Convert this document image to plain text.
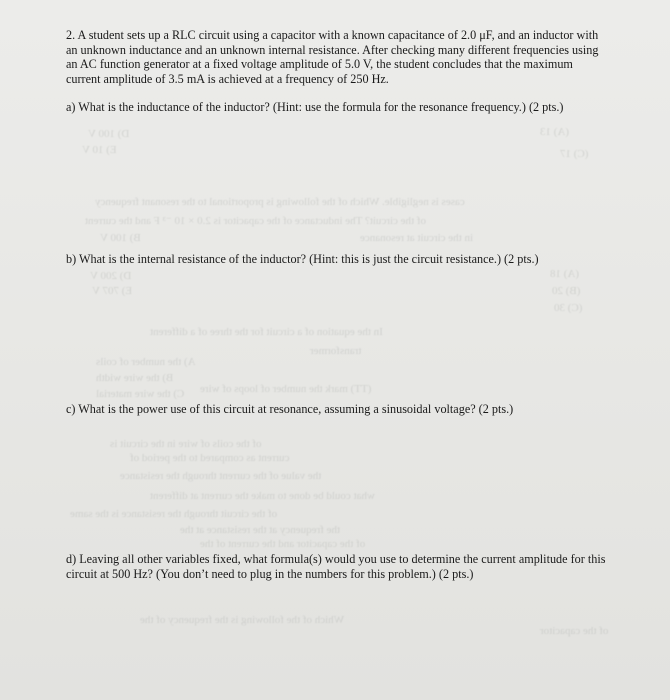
D) 100 V
E) 10 V
(A) 13
(C) 17
cases is negligible. Which of the following is proportional to the resonant frequency
of the circuit? The inductance of the capacitor is 2.0 × 10 ⁻³ F and the current
B) 100 V	in the circuit at resonance
D) 200 V
E) 707 V
(A) 18
(B) 20
(C) 30
In the equation of a circuit for the three of a different
transformer
A) the number of coils
B) the wire width
C) the wire material (TT) mark the number of loops of wire
of the coils of wire in the circuit is
current as compared to the period of
the value of the current through the resistance
what could be done to make the current at different
of the circuit through the resistance is the same
the frequency at the resistance at the
of the capacitor and the current of the
Which of the following is the frequency of the
of the capacitor

2. A student sets up a RLC circuit using a capacitor with a known capacitance of 2.0 μF, and an inductor with an unknown inductance and an unknown internal resistance. After checking many different frequencies using an AC function generator at a fixed voltage amplitude of 5.0 V, the student concludes that the maximum current amplitude of 3.5 mA is achieved at a frequency of 250 Hz.

a) What is the inductance of the inductor? (Hint: use the formula for the resonance frequency.) (2 pts.)

b) What is the internal resistance of the inductor? (Hint: this is just the circuit resistance.) (2 pts.)

c) What is the power use of this circuit at resonance, assuming a sinusoidal voltage? (2 pts.)

d) Leaving all other variables fixed, what formula(s) would you use to determine the current amplitude for this circuit at 500 Hz? (You don’t need to plug in the numbers for this problem.) (2 pts.)
